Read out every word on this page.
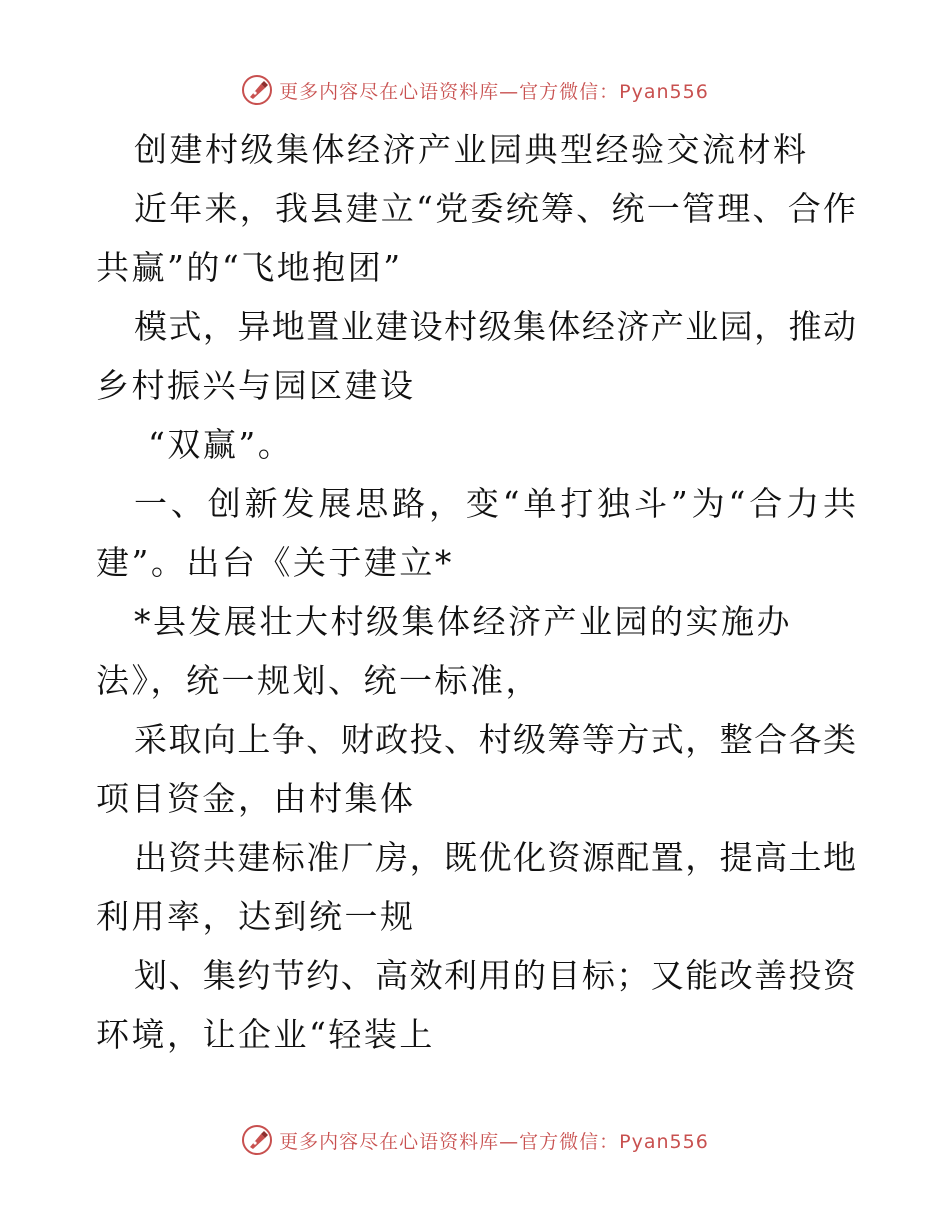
更多内容尽在心语资料库—官方微信：Pyan556
创建村级集体经济产业园典型经验交流材料
近年来，我县建立“党委统筹、统一管理、合作
共赢”的“飞地抱团”
模式，异地置业建设村级集体经济产业园，推动
乡村振兴与园区建设
“双赢”。
一、创新发展思路，变“单打独斗”为“合力共
建”。出台《关于建立*
*县发展壮大村级集体经济产业园的实施办
法》，统一规划、统一标准，
采取向上争、财政投、村级筹等方式，整合各类
项目资金，由村集体
出资共建标准厂房，既优化资源配置，提高土地
利用率，达到统一规
划、集约节约、高效利用的目标；又能改善投资
环境，让企业“轻装上
更多内容尽在心语资料库—官方微信：Pyan556
